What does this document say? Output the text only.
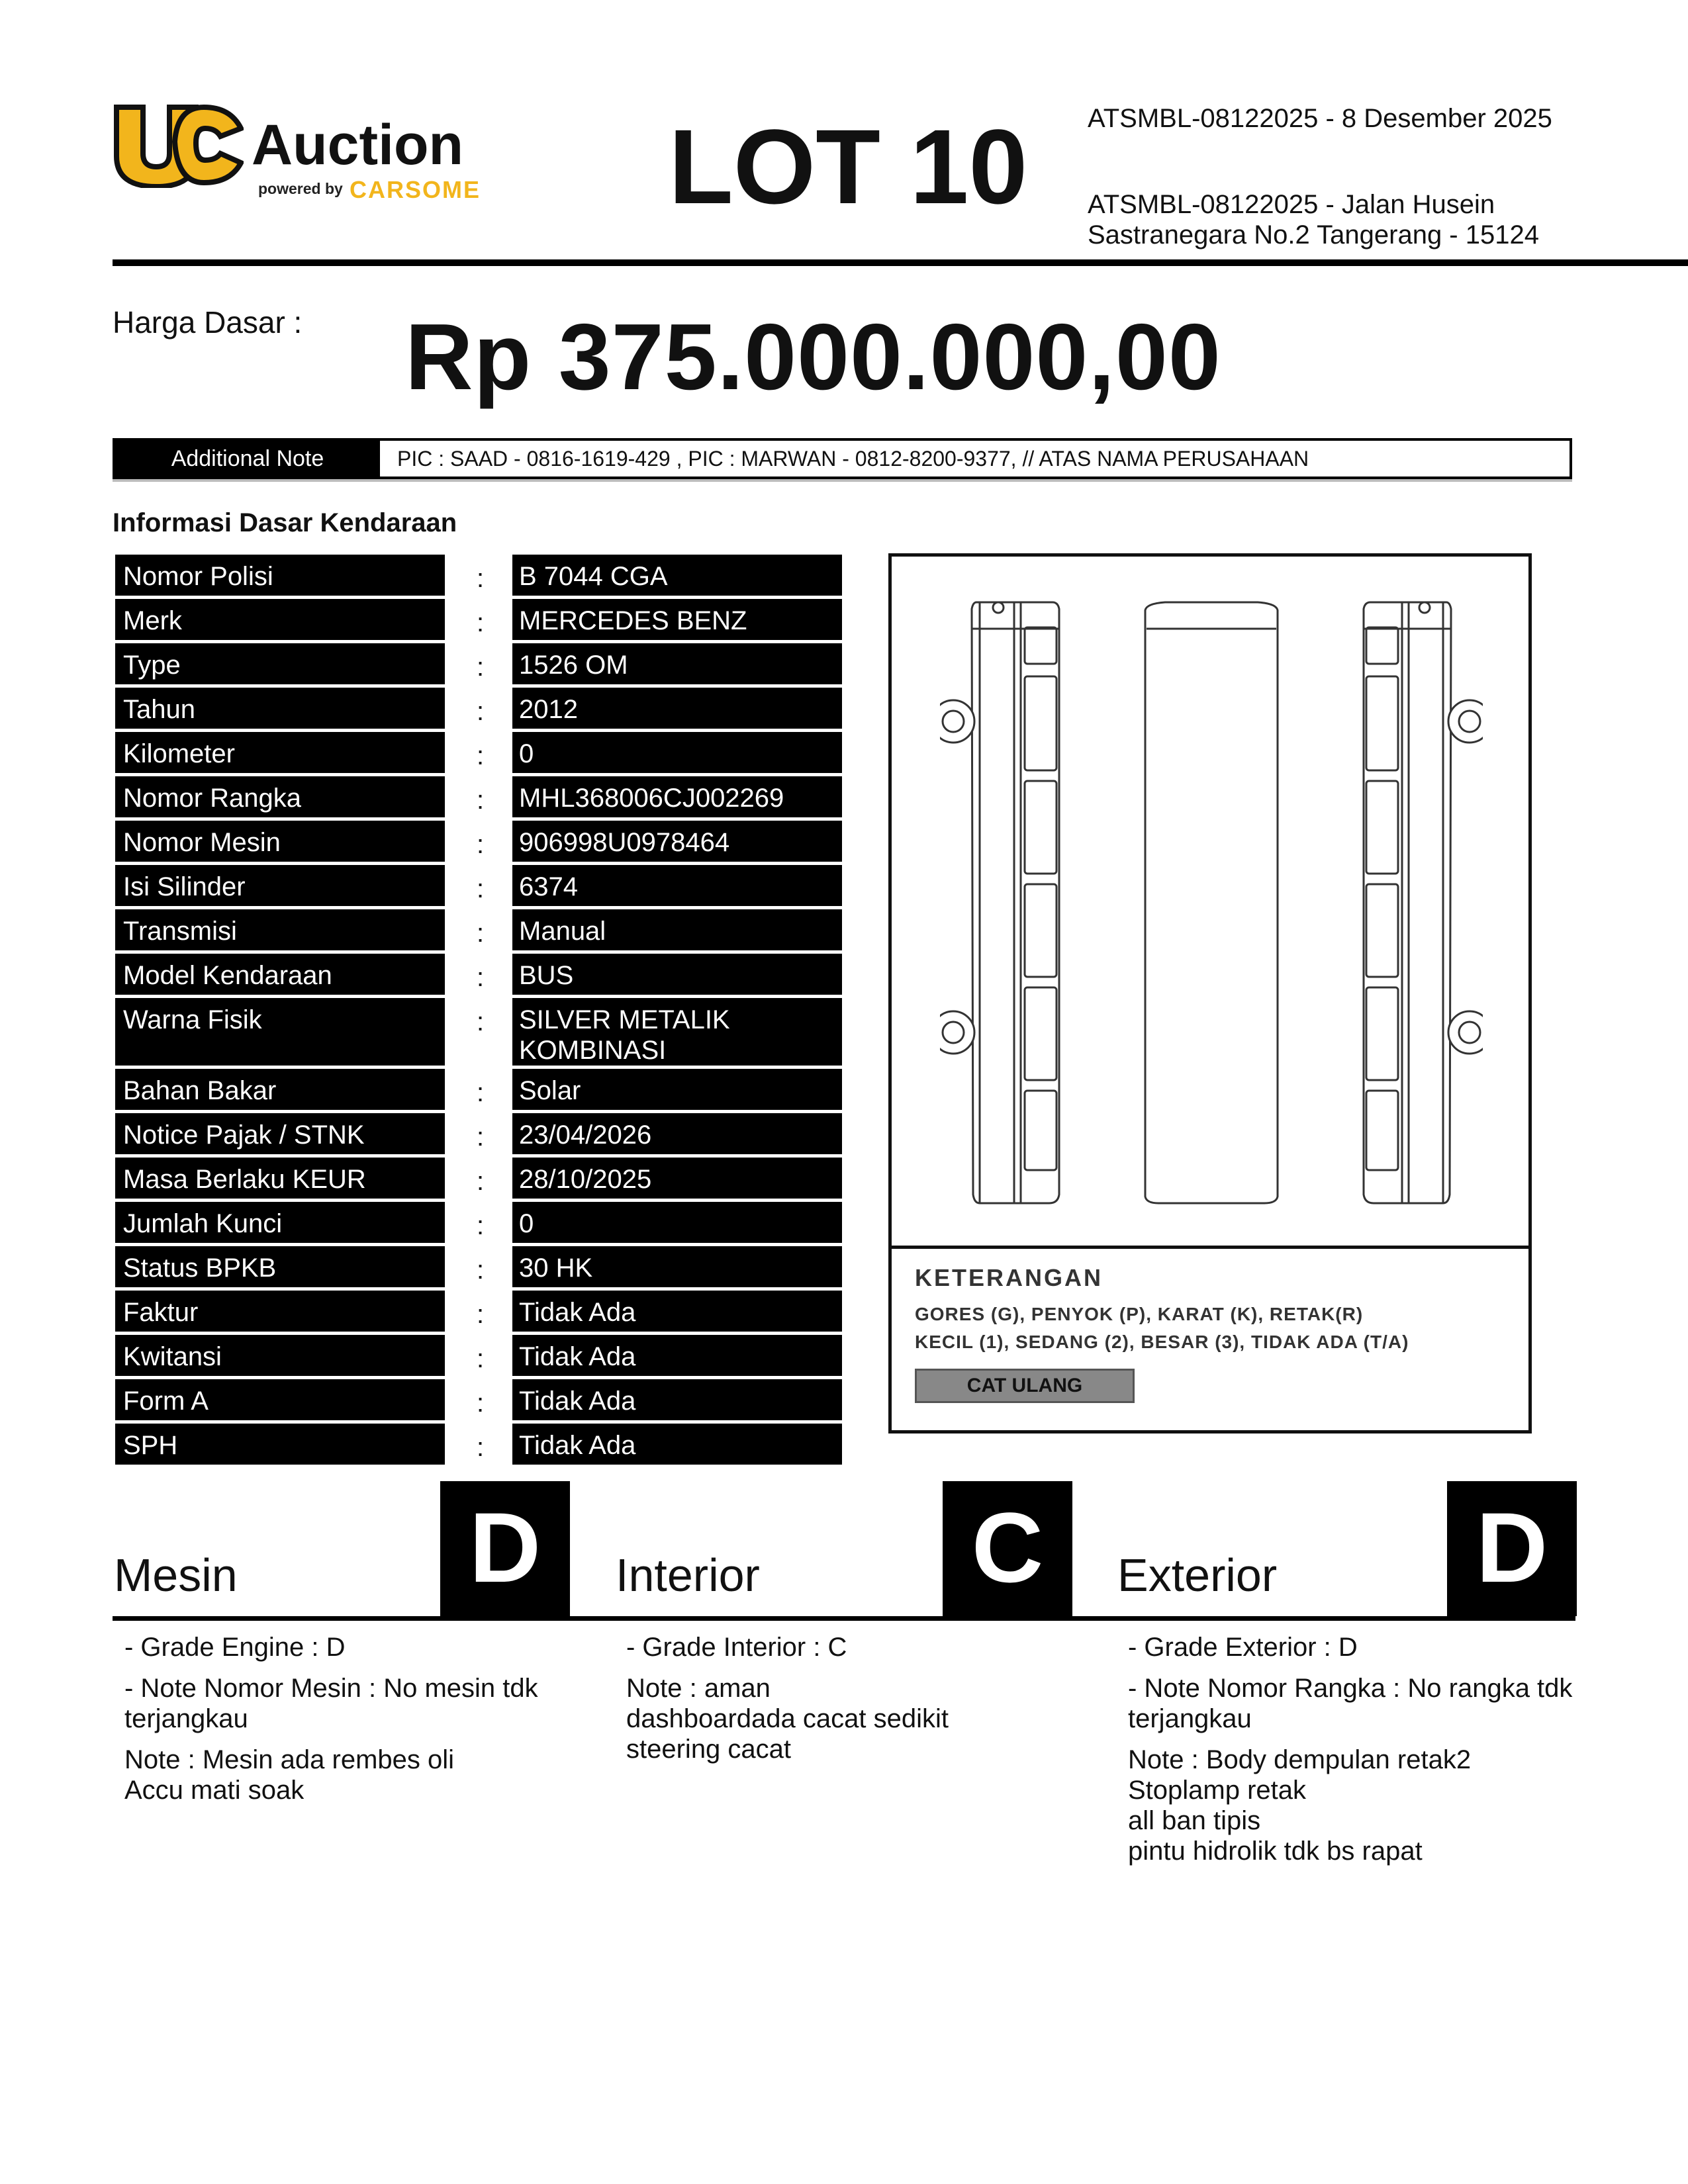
Auction
powered by CARSOME LOT 10 ATSMBL-08122025 - 8 Desember 2025
ATSMBL-08122025 - Jalan Husein Sastranegara No.2 Tangerang - 15124
Harga Dasar : Rp 375.000.000,00
Additional Note	PIC : SAAD - 0816-1619-429 , PIC : MARWAN - 0812-8200-9377, // ATAS NAMA PERUSAHAAN
Informasi Dasar Kendaraan
Nomor Polisi	: B 7044 CGA
Merk	: MERCEDES BENZ
Type	: 1526 OM
Tahun	: 2012
Kilometer	: 0
Nomor Rangka	: MHL368006CJ002269
Nomor Mesin	: 906998U0978464
Isi Silinder	: 6374
Transmisi	: Manual
Model Kendaraan	: BUS
Warna Fisik	: SILVER METALIK KOMBINASI
Bahan Bakar	: Solar
Notice Pajak / STNK	: 23/04/2026
Masa Berlaku KEUR	: 28/10/2025
Jumlah Kunci	: 0
Status BPKB	: 30 HK
Faktur	: Tidak Ada
Kwitansi	: Tidak Ada
Form A	: Tidak Ada
SPH	: Tidak Ada
KETERANGAN
GORES (G), PENYOK (P), KARAT (K), RETAK(R)
KECIL (1), SEDANG (2), BESAR (3), TIDAK ADA (T/A)
CAT ULANG
Mesin D	Interior C	Exterior D

- Grade Engine : D

- Note Nomor Mesin : No mesin tdk terjangkau

Note : Mesin ada rembes oli
Accu mati soak

- Grade Interior : C

Note : aman
dashboardada cacat sedikit
steering cacat

- Grade Exterior : D

- Note Nomor Rangka : No rangka tdk terjangkau

Note : Body dempulan retak2
Stoplamp retak
all ban tipis
pintu hidrolik tdk bs rapat
